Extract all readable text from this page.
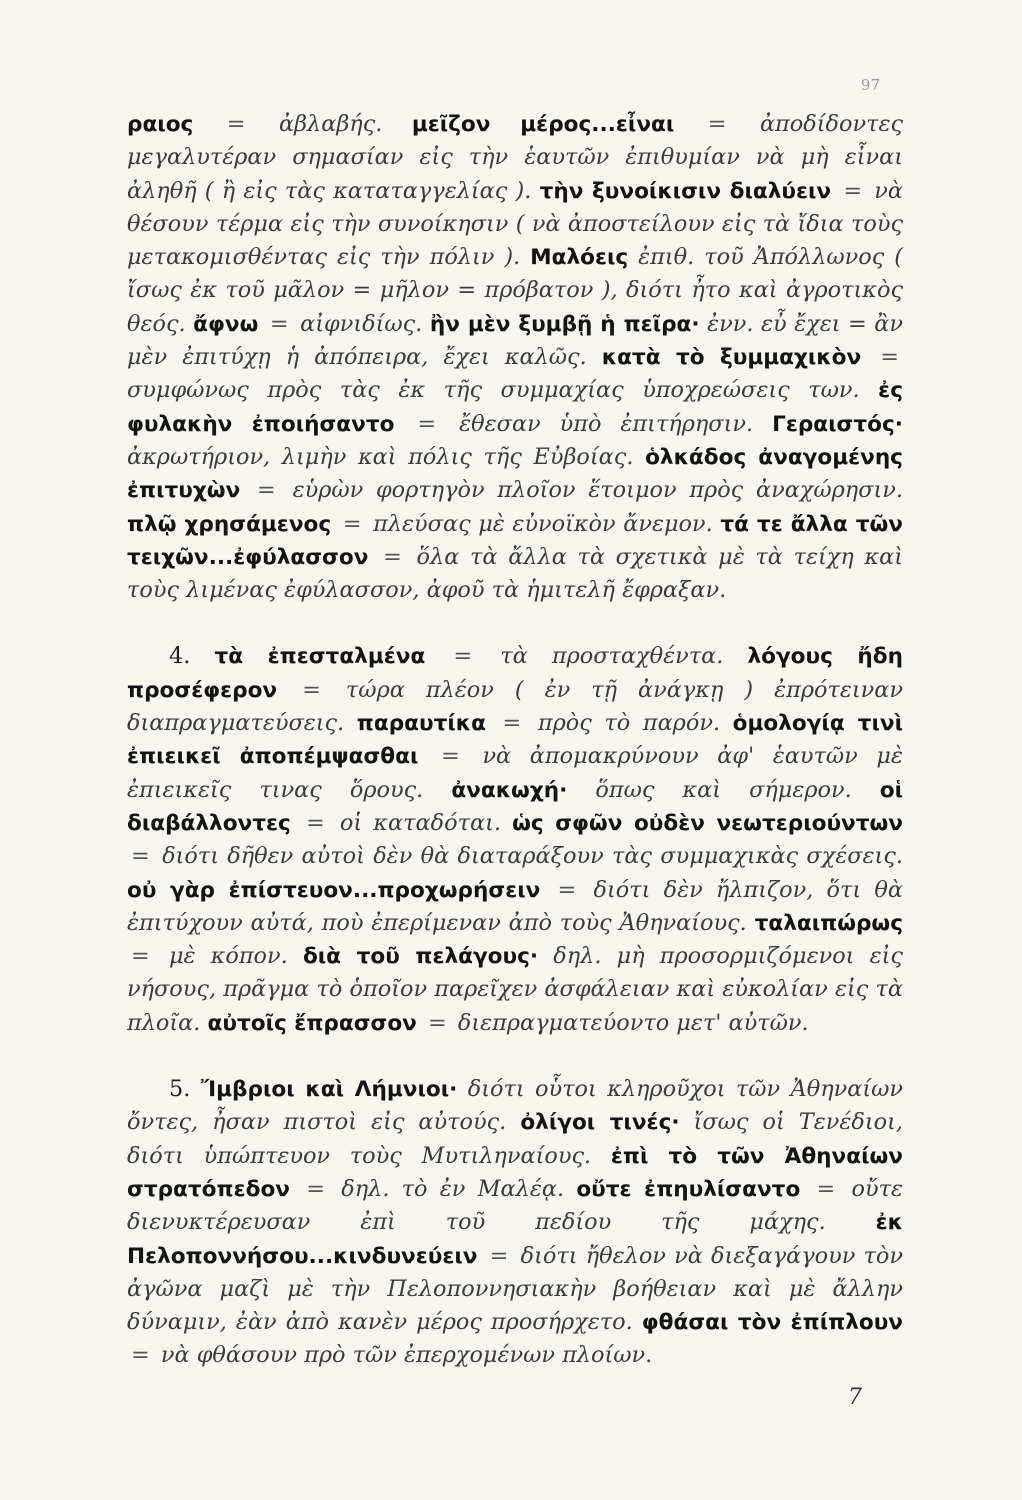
97

ραιος = ἀβλαβής. μεῖζον μέρος...εἶναι = ἀποδίδοντες μεγαλυτέραν σημασίαν εἰς τὴν ἑαυτῶν ἐπιθυμίαν νὰ μὴ εἶναι ἀληθῆ ( ἢ εἰς τὰς καταταγγελίας ). τὴν ξυνοίκισιν διαλύειν = νὰ θέσουν τέρμα εἰς τὴν συνοίκησιν ( νὰ ἀποστείλουν εἰς τὰ ἴδια τοὺς μετακομισθέντας εἰς τὴν πόλιν ). Μαλόεις ἐπιθ. τοῦ Ἀπόλλωνος ( ἴσως ἐκ τοῦ μᾶλον = μῆλον = πρόβατον ), διότι ἦτο καὶ ἀγροτικὸς θεός. ἄφνω = αἰφνιδίως. ἢν μὲν ξυμβῇ ἡ πεῖρα· ἐνν. εὖ ἔχει = ἂν μὲν ἐπιτύχῃ ἡ ἀπόπειρα, ἔχει καλῶς. κατὰ τὸ ξυμμαχικὸν = συμφώνως πρὸς τὰς ἐκ τῆς συμμαχίας ὑποχρεώσεις των. ἐς φυλακὴν ἐποιήσαντο = ἔθεσαν ὑπὸ ἐπιτήρησιν. Γεραιστός· ἀκρωτήριον, λιμὴν καὶ πόλις τῆς Εὐβοίας. ὁλκάδος ἀναγομένης ἐπιτυχὼν = εὑρὼν φορτηγὸν πλοῖον ἕτοιμον πρὸς ἀναχώρησιν. πλῷ χρησάμενος = πλεύσας μὲ εὐνοϊκὸν ἄνεμον. τά τε ἄλλα τῶν τειχῶν...ἐφύλασσον = ὅλα τὰ ἄλλα τὰ σχετικὰ μὲ τὰ τείχη καὶ τοὺς λιμένας ἐφύλασσον, ἀφοῦ τὰ ἡμιτελῆ ἔφραξαν.

4. τὰ ἐπεσταλμένα = τὰ προσταχθέντα. λόγους ἤδη προσέφερον = τώρα πλέον ( ἐν τῇ ἀνάγκῃ ) ἐπρότειναν διαπραγματεύσεις. παραυτίκα = πρὸς τὸ παρόν. ὁμολογίᾳ τινὶ ἐπιεικεῖ ἀποπέμψασθαι = νὰ ἀπομακρύνουν ἀφ' ἑαυτῶν μὲ ἐπιεικεῖς τινας ὅρους. ἀνακωχή· ὅπως καὶ σήμερον. οἱ διαβάλλοντες = οἱ καταδόται. ὡς σφῶν οὐδὲν νεωτεριούντων = διότι δῆθεν αὐτοὶ δὲν θὰ διαταράξουν τὰς συμμαχικὰς σχέσεις. οὐ γὰρ ἐπίστευον...προχωρήσειν = διότι δὲν ἤλπιζον, ὅτι θὰ ἐπιτύχουν αὐτά, ποὺ ἐπερίμεναν ἀπὸ τοὺς Ἀθηναίους. ταλαιπώρως = μὲ κόπον. διὰ τοῦ πελάγους· δηλ. μὴ προσορμιζόμενοι εἰς νήσους, πρᾶγμα τὸ ὁποῖον παρεῖχεν ἀσφάλειαν καὶ εὐκολίαν εἰς τὰ πλοῖα. αὐτοῖς ἔπρασσον = διεπραγματεύοντο μετ' αὐτῶν.

5. Ἴμβριοι καὶ Λήμνιοι· διότι οὗτοι κληροῦχοι τῶν Ἀθηναίων ὄντες, ἦσαν πιστοὶ εἰς αὐτούς. ὀλίγοι τινές· ἴσως οἱ Τενέδιοι, διότι ὑπώπτευον τοὺς Μυτιληναίους. ἐπὶ τὸ τῶν Ἀθηναίων στρατόπεδον = δηλ. τὸ ἐν Μαλέᾳ. οὔτε ἐπηυλίσαντο = οὔτε διενυκτέρευσαν ἐπὶ τοῦ πεδίου τῆς μάχης. ἐκ Πελοποννήσου...κινδυνεύειν = διότι ἤθελον νὰ διεξαγάγουν τὸν ἀγῶνα μαζὶ μὲ τὴν Πελοποννησιακὴν βοήθειαν καὶ μὲ ἄλλην δύναμιν, ἐὰν ἀπὸ κανὲν μέρος προσήρχετο. φθάσαι τὸν ἐπίπλουν = νὰ φθάσουν πρὸ τῶν ἐπερχομένων πλοίων.

7
